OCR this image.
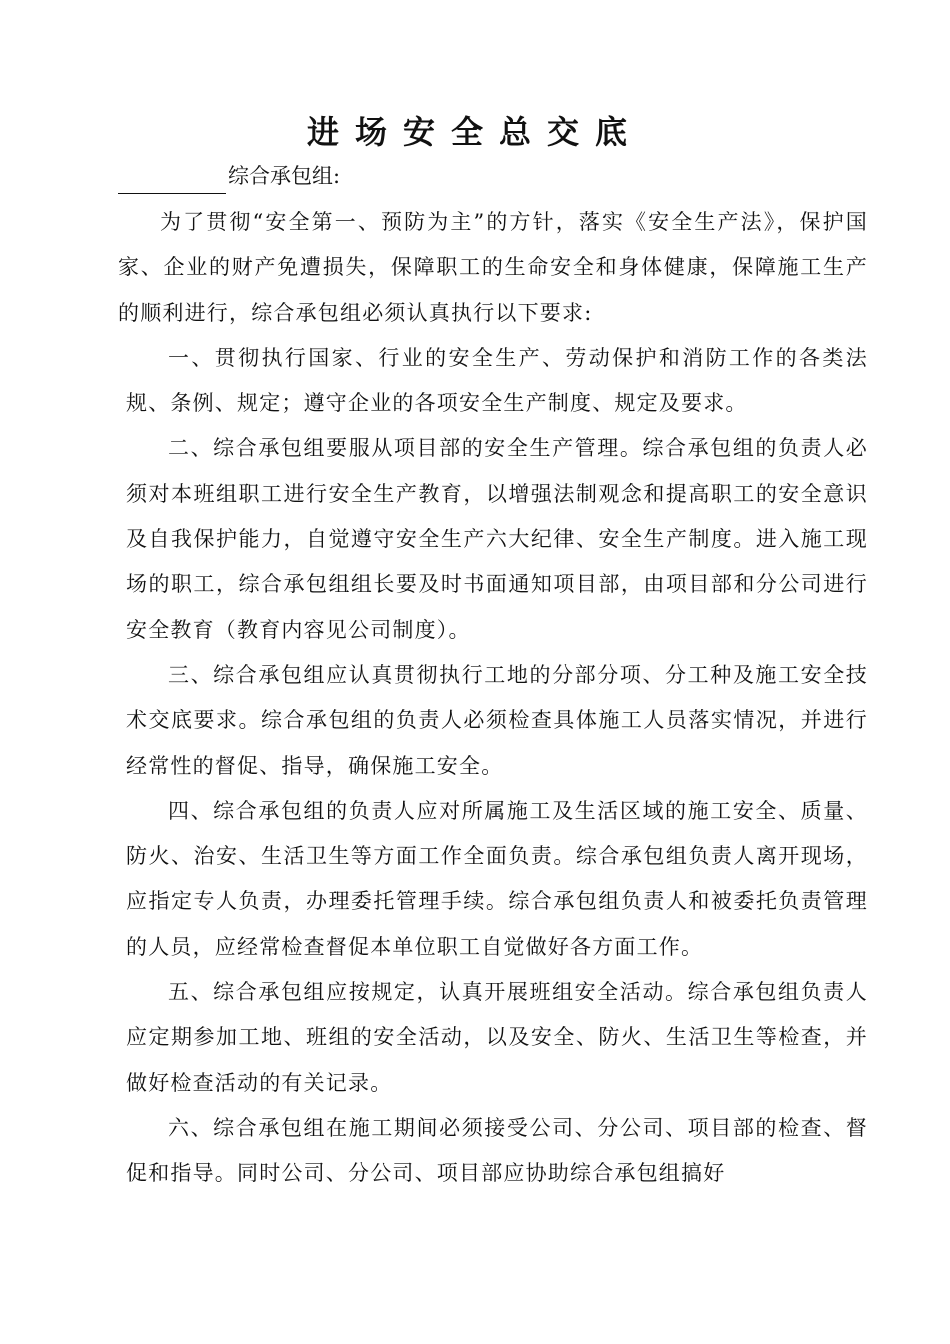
进场安全总交底
综合承包组:

为了贯彻“安全第一、预防为主”的方针，落实《安全生产法》，保护国家、企业的财产免遭损失，保障职工的生命安全和身体健康，保障施工生产的顺利进行，综合承包组必须认真执行以下要求:

一、贯彻执行国家、行业的安全生产、劳动保护和消防工作的各类法规、条例、规定；遵守企业的各项安全生产制度、规定及要求。

二、综合承包组要服从项目部的安全生产管理。综合承包组的负责人必须对本班组职工进行安全生产教育，以增强法制观念和提高职工的安全意识及自我保护能力，自觉遵守安全生产六大纪律、安全生产制度。进入施工现场的职工，综合承包组组长要及时书面通知项目部，由项目部和分公司进行安全教育（教育内容见公司制度）。

三、综合承包组应认真贯彻执行工地的分部分项、分工种及施工安全技术交底要求。综合承包组的负责人必须检查具体施工人员落实情况，并进行经常性的督促、指导，确保施工安全。

四、综合承包组的负责人应对所属施工及生活区域的施工安全、质量、防火、治安、生活卫生等方面工作全面负责。综合承包组负责人离开现场，应指定专人负责，办理委托管理手续。综合承包组负责人和被委托负责管理的人员，应经常检查督促本单位职工自觉做好各方面工作。

五、综合承包组应按规定，认真开展班组安全活动。综合承包组负责人应定期参加工地、班组的安全活动，以及安全、防火、生活卫生等检查，并做好检查活动的有关记录。

六、综合承包组在施工期间必须接受公司、分公司、项目部的检查、督促和指导。同时公司、分公司、项目部应协助综合承包组搞好
